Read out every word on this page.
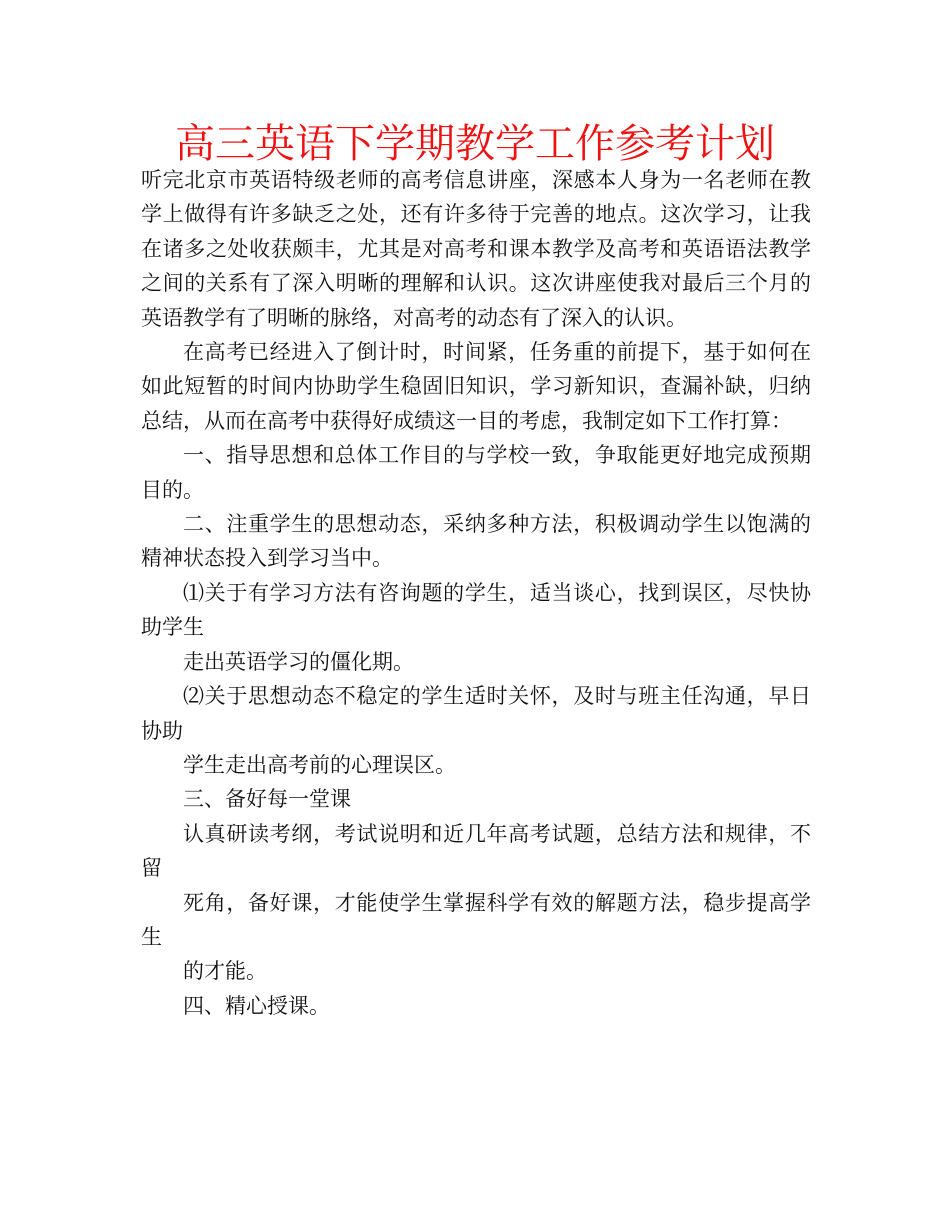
高三英语下学期教学工作参考计划

听完北京市英语特级老师的高考信息讲座，深感本人身为一名老师在教学上做得有许多缺乏之处，还有许多待于完善的地点。这次学习，让我在诸多之处收获颇丰，尤其是对高考和课本教学及高考和英语语法教学之间的关系有了深入明晰的理解和认识。这次讲座使我对最后三个月的英语教学有了明晰的脉络，对高考的动态有了深入的认识。

在高考已经进入了倒计时，时间紧，任务重的前提下，基于如何在如此短暂的时间内协助学生稳固旧知识，学习新知识，查漏补缺，归纳总结，从而在高考中获得好成绩这一目的考虑，我制定如下工作打算：

一、指导思想和总体工作目的与学校一致，争取能更好地完成预期目的。

二、注重学生的思想动态，采纳多种方法，积极调动学生以饱满的精神状态投入到学习当中。

⑴关于有学习方法有咨询题的学生，适当谈心，找到误区，尽快协助学生

走出英语学习的僵化期。

⑵关于思想动态不稳定的学生适时关怀，及时与班主任沟通，早日协助

学生走出高考前的心理误区。

三、备好每一堂课

认真研读考纲，考试说明和近几年高考试题，总结方法和规律，不留

死角，备好课，才能使学生掌握科学有效的解题方法，稳步提高学生

的才能。

四、精心授课。
